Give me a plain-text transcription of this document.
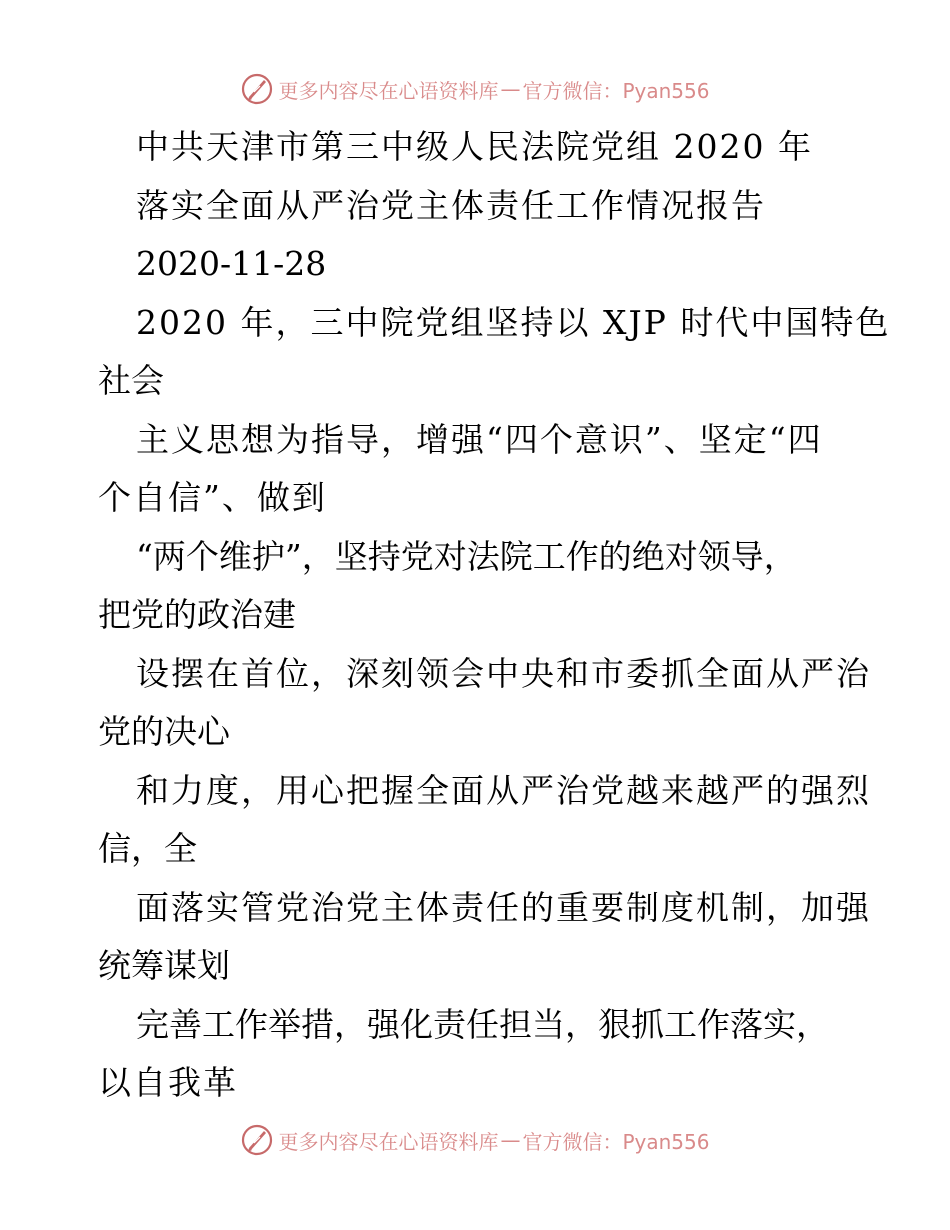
更多内容尽在心语资料库 — 官方微信：Pyan556
中共天津市第三中级人民法院党组 2020 年
落实全面从严治党主体责任工作情况报告
2020-11-28
2020 年，三中院党组坚持以 XJP 时代中国特色
社会
主义思想为指导，增强“四个意识”、坚定“四
个自信”、做到
“两个维护”，坚持党对法院工作的绝对领导，
把党的政治建
设摆在首位，深刻领会中央和市委抓全面从严治
党的决心
和力度，用心把握全面从严治党越来越严的强烈
信，全
面落实管党治党主体责任的重要制度机制，加强
统筹谋划
完善工作举措，强化责任担当，狠抓工作落实，
以自我革
更多内容尽在心语资料库 — 官方微信：Pyan556
